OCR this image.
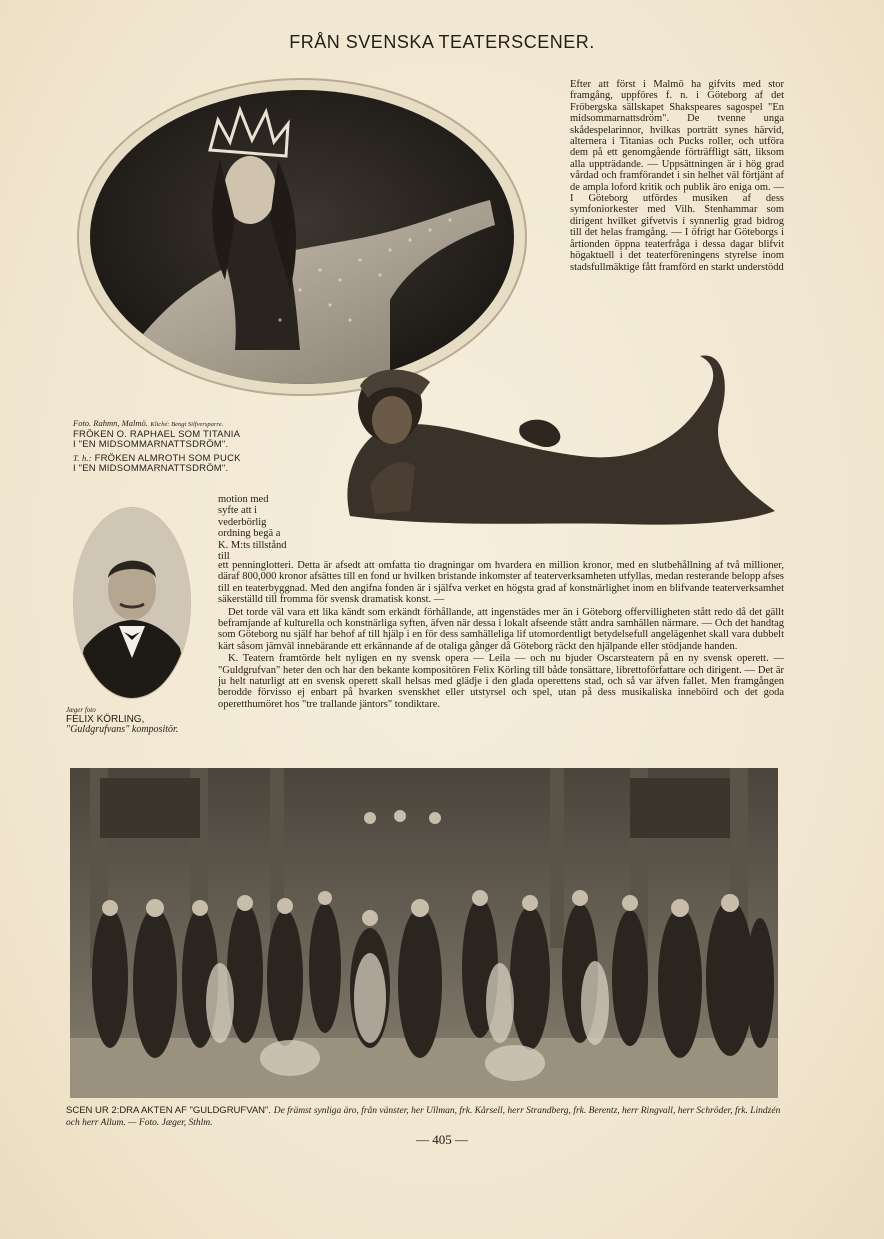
FRÅN SVENSKA TEATERSCENER.
Efter att först i Malmö ha gifvits med stor framgång, uppföres f. n. i Göteborg af det Fröbergska sällskapet Shakspeares sagospel "En midsommarnattsdröm". De tvenne unga skådespelarinnor, hvilkas porträtt synes härvid, alternera i Titanias och Pucks roller, och utföra dem på ett genomgående förträffligt sätt, liksom alla uppträdande. — Uppsättningen är i hög grad vårdad och framförandet i sin helhet väl förtjänt af de ampla loford kritik och publik äro eniga om. — I Göteborg utfördes musiken af dess symfoniorkester med Vilh. Stenhammar som dirigent hvilket gifvetvis i synnerlig grad bidrog till det helas framgång. — I öfrigt har Göteborgs i årtionden öppna teaterfråga i dessa dagar blifvit högaktuell i det teaterföreningens styrelse inom stadsfullmäktige fått framförd en starkt understödd
Foto. Rahmn, Malmö. Kliché: Bengt Silfversparre.
FRÖKEN O. RAPHAEL SOM TITANIA
I "EN MIDSOMMARNATTSDRÖM".
T. h.: FRÖKEN ALMROTH SOM PUCK
I "EN MIDSOMMARNATTSDRÖM".
motion med syfte att i vederbörlig ordning begä a K. M:ts tillstånd till

ett penninglotteri. Detta är afsedt att omfatta tio dragningar om hvardera en million kronor, med en slutbehållning af två millioner, däraf 800,000 kronor afsättes till en fond ur hvilken bristande inkomster af teaterverksamheten utfyllas, medan resterande belopp afses till en teaterbyggnad. Med den angifna fonden är i själfva verket en högsta grad af konstnärlighet inom en blifvande teaterverksamhet säkerställd till fromma för svensk dramatisk konst. —

Det torde väl vara ett lika kändt som erkändt förhållande, att ingenstädes mer än i Göteborg offervilligheten stått redo då det gällt beframjande af kulturella och konstnärliga syften, äfven när dessa i lokalt afseende stått andra samhällen närmare. — Och det handtag som Göteborg nu själf har behof af till hjälp i en för dess samhälleliga lif utomordentligt betydelsefull angelägenhet skall vara dubbelt kärt såsom jämväl innebärande ett erkännande af de otaliga gånger då Göteborg räckt den hjälpande eller stödjande handen.

K. Teatern framtörde helt nyligen en ny svensk opera — Leila — och nu bjuder Oscarsteatern på en ny svensk operett. — "Guldgrufvan" heter den och har den bekante kompositören Felix Körling till både tonsättare, librettoförfattare och dirigent. — Det är ju helt naturligt att en svensk operett skall helsas med glädje i den glada operettens stad, och så var äfven fallet. Men framgången berodde förvisso ej enbart på hvarken svenskhet eller utstyrsel och spel, utan på dess musikaliska inneböird och det goda operetthumöret hos "tre trallande jäntors" tondiktare.

Jæger foto
FELIX KÖRLING,
"Guldgrufvans" kompositör.
SCEN UR 2:DRA AKTEN AF "GULDGRUFVAN". De främst synliga äro, från vänster, her Ullman, frk. Kårsell, herr Strandberg, frk. Berentz, herr Ringvall, herr Schröder, frk. Lindzén och herr Allum. — Foto. Jæger, Sthlm.
— 405 —
